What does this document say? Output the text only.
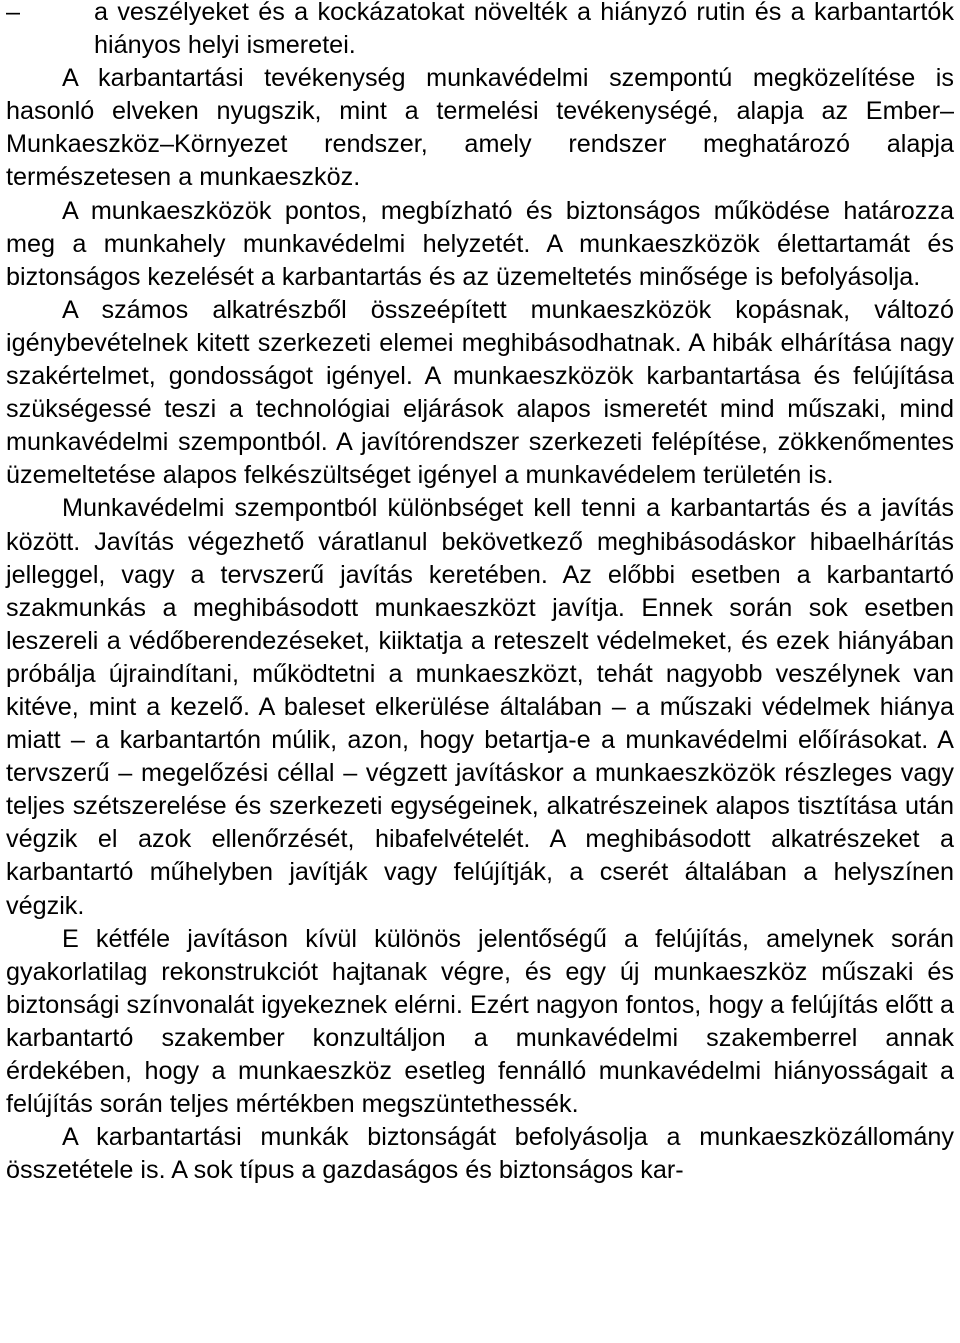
–	a veszélyeket és a kockázatokat növelték a hiányzó rutin és a karbantartók hiányos helyi ismeretei.

A karbantartási tevékenység munkavédelmi szempontú megközelítése is hasonló elveken nyugszik, mint a termelési tevékenységé, alapja az Ember–Munkaeszköz–Környezet rendszer, amely rendszer meghatározó alapja természetesen a munkaeszköz.

A munkaeszközök pontos, megbízható és biztonságos működése határozza meg a munkahely munkavédelmi helyzetét. A munkaeszközök élettartamát és biztonságos kezelését a karbantartás és az üzemeltetés minősége is befolyásolja.

A számos alkatrészből összeépített munkaeszközök kopásnak, változó igénybevételnek kitett szerkezeti elemei meghibásodhatnak. A hibák elhárítása nagy szakértelmet, gondosságot igényel. A munkaeszközök karbantartása és felújítása szükségessé teszi a technológiai eljárások alapos ismeretét mind műszaki, mind munkavédelmi szempontból. A javítórendszer szerkezeti felépítése, zökkenőmentes üzemeltetése alapos felkészültséget igényel a munkavédelem területén is.

Munkavédelmi szempontból különbséget kell tenni a karbantartás és a javítás között. Javítás végezhető váratlanul bekövetkező meghibásodáskor hibaelhárítás jelleggel, vagy a tervszerű javítás keretében. Az előbbi esetben a karbantartó szakmunkás a meghibásodott munkaeszközt javítja. Ennek során sok esetben leszereli a védőberendezéseket, kiiktatja a reteszelt védelmeket, és ezek hiányában próbálja újraindítani, működtetni a munkaeszközt, tehát nagyobb veszélynek van kitéve, mint a kezelő. A baleset elkerülése általában – a műszaki védelmek hiánya miatt – a karbantartón múlik, azon, hogy betartja-e a munkavédelmi előírásokat. A tervszerű – megelőzési céllal – végzett javításkor a munkaeszközök részleges vagy teljes szétszerelése és szerkezeti egységeinek, alkatrészeinek alapos tisztítása után végzik el azok ellenőrzését, hibafelvételét. A meghibásodott alkatrészeket a karbantartó műhelyben javítják vagy felújítják, a cserét általában a helyszínen végzik.

E kétféle javításon kívül különös jelentőségű a felújítás, amelynek során gyakorlatilag rekonstrukciót hajtanak végre, és egy új munkaeszköz műszaki és biztonsági színvonalát igyekeznek elérni. Ezért nagyon fontos, hogy a felújítás előtt a karbantartó szakember konzultáljon a munkavédelmi szakemberrel annak érdekében, hogy a munkaeszköz esetleg fennálló munkavédelmi hiányosságait a felújítás során teljes mértékben megszüntethessék.

A karbantartási munkák biztonságát befolyásolja a munkaeszközállomány összetétele is. A sok típus a gazdaságos és biztonságos kar-
